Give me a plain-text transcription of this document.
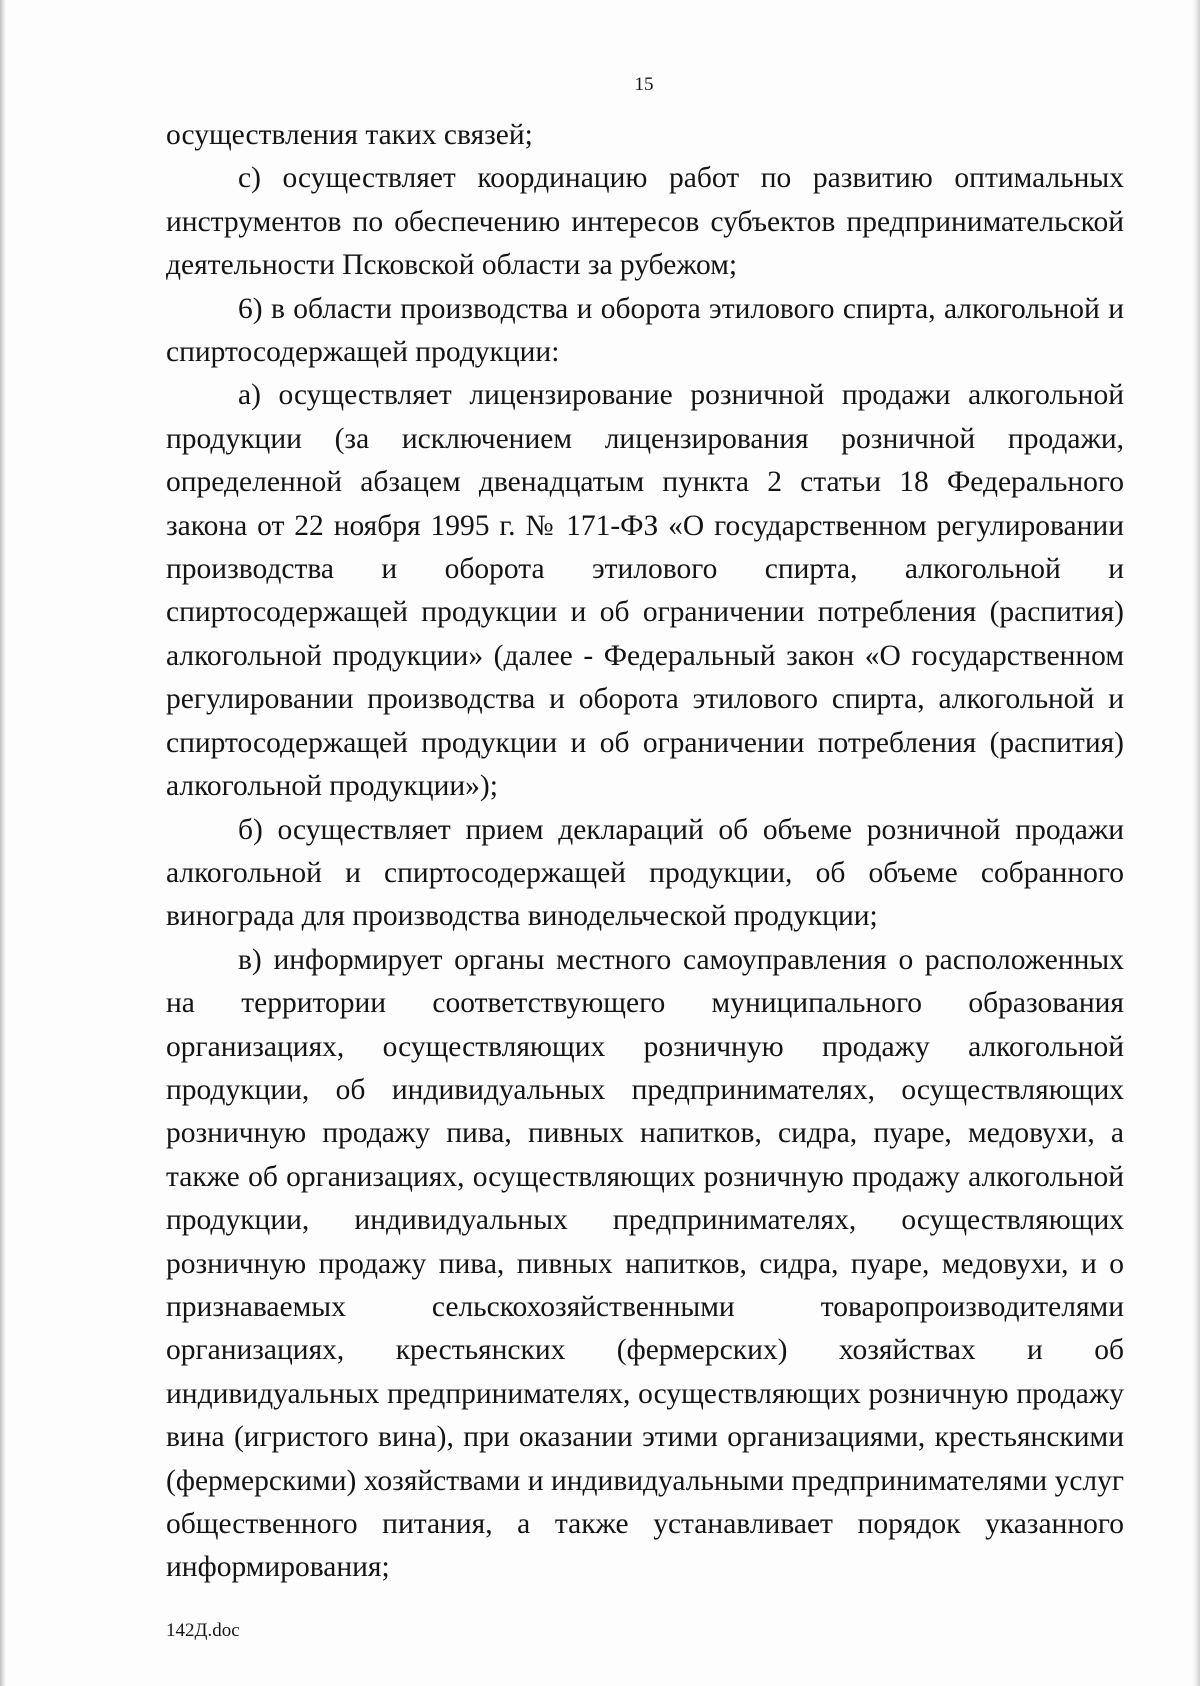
15

осуществления таких связей;

с) осуществляет координацию работ по развитию оптимальных инструментов по обеспечению интересов субъектов предпринимательской деятельности Псковской области за рубежом;

6) в области производства и оборота этилового спирта, алкогольной и спиртосодержащей продукции:

а) осуществляет лицензирование розничной продажи алкогольной продукции (за исключением лицензирования розничной продажи, определенной абзацем двенадцатым пункта 2 статьи 18 Федерального закона от 22 ноября 1995 г. № 171-ФЗ «О государственном регулировании производства и оборота этилового спирта, алкогольной и спиртосодержащей продукции и об ограничении потребления (распития) алкогольной продукции» (далее - Федеральный закон «О государственном регулировании производства и оборота этилового спирта, алкогольной и спиртосодержащей продукции и об ограничении потребления (распития) алкогольной продукции»);

б) осуществляет прием деклараций об объеме розничной продажи алкогольной и спиртосодержащей продукции, об объеме собранного винограда для производства винодельческой продукции;

в) информирует органы местного самоуправления о расположенных на территории соответствующего муниципального образования организациях, осуществляющих розничную продажу алкогольной продукции, об индивидуальных предпринимателях, осуществляющих розничную продажу пива, пивных напитков, сидра, пуаре, медовухи, а также об организациях, осуществляющих розничную продажу алкогольной продукции, индивидуальных предпринимателях, осуществляющих розничную продажу пива, пивных напитков, сидра, пуаре, медовухи, и о признаваемых сельскохозяйственными товаропроизводителями организациях, крестьянских (фермерских) хозяйствах и об индивидуальных предпринимателях, осуществляющих розничную продажу вина (игристого вина), при оказании этими организациями, крестьянскими (фермерскими) хозяйствами и индивидуальными предпринимателями услуг общественного питания, а также устанавливает порядок указанного информирования;

142Д.doc
